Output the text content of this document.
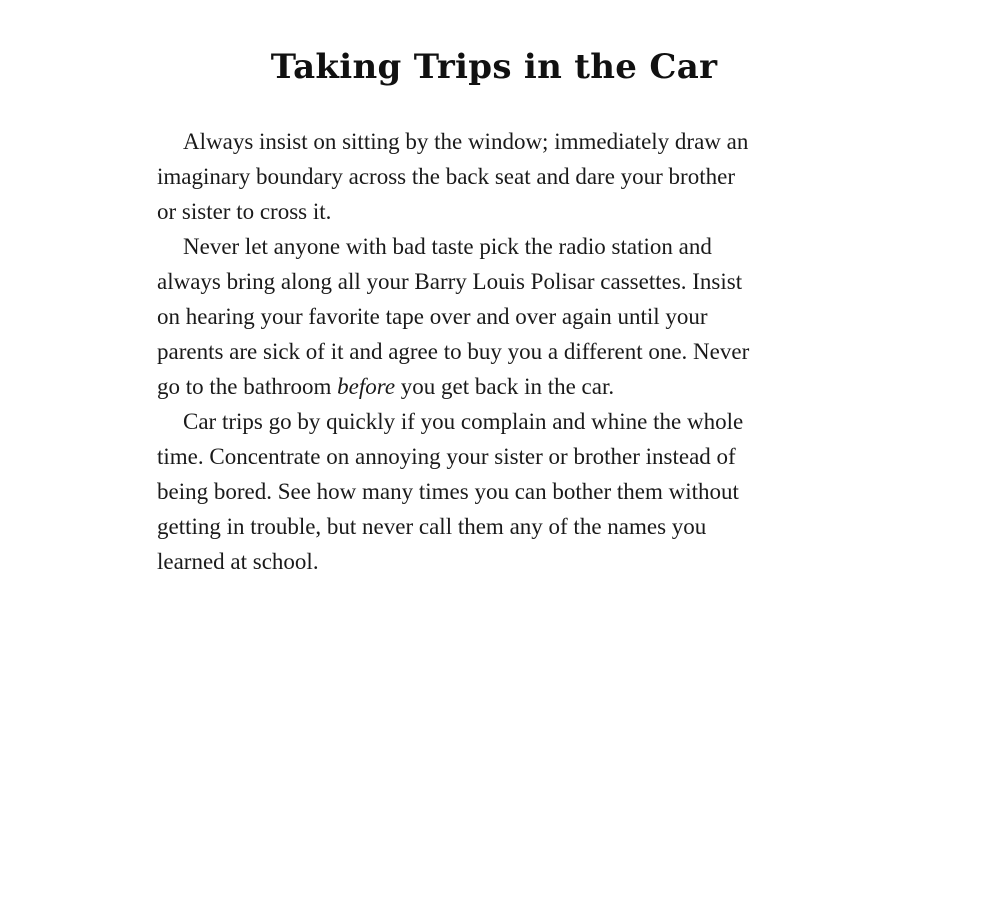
Taking Trips in the Car

Always insist on sitting by the window; immediately draw an
imaginary boundary across the back seat and dare your brother
or sister to cross it.

Never let anyone with bad taste pick the radio station and
always bring along all your Barry Louis Polisar cassettes. Insist
on hearing your favorite tape over and over again until your
parents are sick of it and agree to buy you a different one. Never
go to the bathroom before you get back in the car.

Car trips go by quickly if you complain and whine the whole
time. Concentrate on annoying your sister or brother instead of
being bored. See how many times you can bother them without
getting in trouble, but never call them any of the names you
learned at school.
